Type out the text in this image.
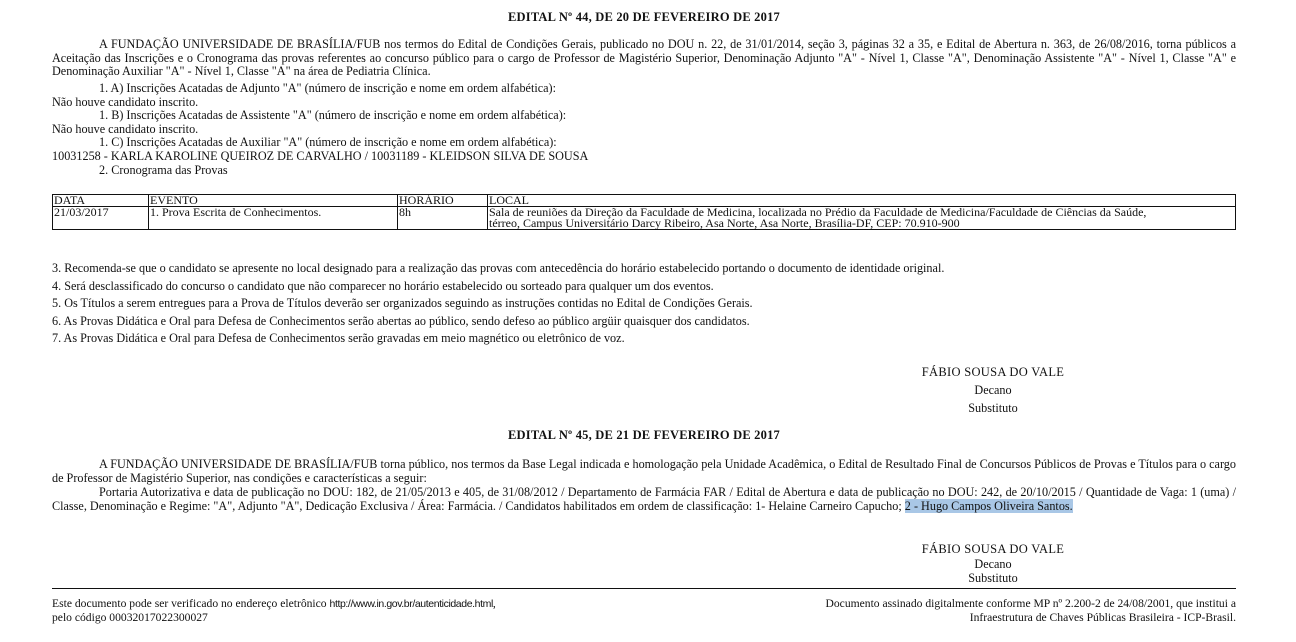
EDITAL Nº 44, DE 20 DE FEVEREIRO DE 2017
A FUNDAÇÃO UNIVERSIDADE DE BRASÍLIA/FUB nos termos do Edital de Condições Gerais, publicado no DOU n. 22, de 31/01/2014, seção 3, páginas 32 a 35, e Edital de Abertura n. 363, de 26/08/2016, torna públicos a Aceitação das Inscrições e o Cronograma das provas referentes ao concurso público para o cargo de Professor de Magistério Superior, Denominação Adjunto "A" - Nível 1, Classe "A", Denominação Assistente "A" - Nível 1, Classe "A" e Denominação Auxiliar "A" - Nível 1, Classe "A" na área de Pediatria Clínica.
1. A) Inscrições Acatadas de Adjunto "A" (número de inscrição e nome em ordem alfabética):
Não houve candidato inscrito.
1. B) Inscrições Acatadas de Assistente "A" (número de inscrição e nome em ordem alfabética):
Não houve candidato inscrito.
1. C) Inscrições Acatadas de Auxiliar "A" (número de inscrição e nome em ordem alfabética):
10031258 - KARLA KAROLINE QUEIROZ DE CARVALHO / 10031189 - KLEIDSON SILVA DE SOUSA
2. Cronograma das Provas
DATA	EVENTO	HORÁRIO	LOCAL
21/03/2017	1. Prova Escrita de Conhecimentos.	8h	Sala de reuniões da Direção da Faculdade de Medicina, localizada no Prédio da Faculdade de Medicina/Faculdade de Ciências da Saúde,
térreo, Campus Universitário Darcy Ribeiro, Asa Norte, Asa Norte, Brasília-DF, CEP: 70.910-900
3. Recomenda-se que o candidato se apresente no local designado para a realização das provas com antecedência do horário estabelecido portando o documento de identidade original.
4. Será desclassificado do concurso o candidato que não comparecer no horário estabelecido ou sorteado para qualquer um dos eventos.
5. Os Títulos a serem entregues para a Prova de Títulos deverão ser organizados seguindo as instruções contidas no Edital de Condições Gerais.
6. As Provas Didática e Oral para Defesa de Conhecimentos serão abertas ao público, sendo defeso ao público argüir quaisquer dos candidatos.
7. As Provas Didática e Oral para Defesa de Conhecimentos serão gravadas em meio magnético ou eletrônico de voz.
FÁBIO SOUSA DO VALE
Decano
Substituto
EDITAL Nº 45, DE 21 DE FEVEREIRO DE 2017
A FUNDAÇÃO UNIVERSIDADE DE BRASÍLIA/FUB torna público, nos termos da Base Legal indicada e homologação pela Unidade Acadêmica, o Edital de Resultado Final de Concursos Públicos de Provas e Títulos para o cargo de Professor de Magistério Superior, nas condições e características a seguir:
Portaria Autorizativa e data de publicação no DOU: 182, de 21/05/2013 e 405, de 31/08/2012 / Departamento de Farmácia FAR / Edital de Abertura e data de publicação no DOU: 242, de 20/10/2015 / Quantidade de Vaga: 1 (uma) / Classe, Denominação e Regime: "A", Adjunto "A", Dedicação Exclusiva / Área: Farmácia. / Candidatos habilitados em ordem de classificação: 1- Helaine Carneiro Capucho; 2 - Hugo Campos Oliveira Santos.
FÁBIO SOUSA DO VALE
Decano
Substituto
Este documento pode ser verificado no endereço eletrônico http://www.in.gov.br/autenticidade.html,
pelo código 00032017022300027
Documento assinado digitalmente conforme MP nº 2.200-2 de 24/08/2001, que institui a
Infraestrutura de Chaves Públicas Brasileira - ICP-Brasil.
